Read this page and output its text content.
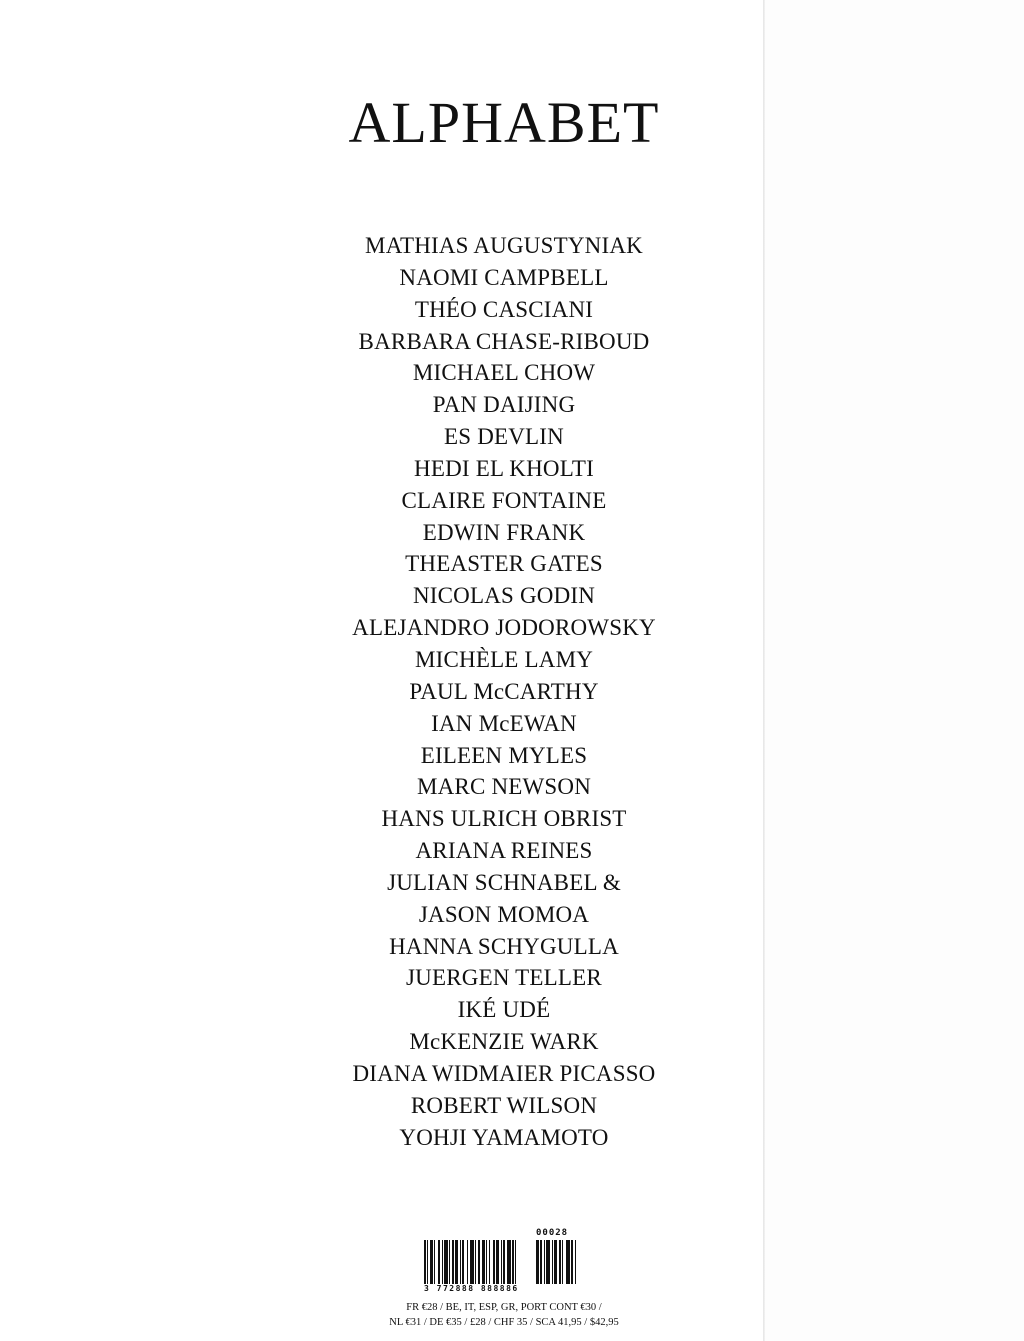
ALPHABET
MATHIAS AUGUSTYNIAK
NAOMI CAMPBELL
THÉO CASCIANI
BARBARA CHASE-RIBOUD
MICHAEL CHOW
PAN DAIJING
ES DEVLIN
HEDI EL KHOLTI
CLAIRE FONTAINE
EDWIN FRANK
THEASTER GATES
NICOLAS GODIN
ALEJANDRO JODOROWSKY
MICHÈLE LAMY
PAUL McCARTHY
IAN McEWAN
EILEEN MYLES
MARC NEWSON
HANS ULRICH OBRIST
ARIANA REINES
JULIAN SCHNABEL &
JASON MOMOA
HANNA SCHYGULLA
JUERGEN TELLER
IKÉ UDÉ
McKENZIE WARK
DIANA WIDMAIER PICASSO
ROBERT WILSON
YOHJI YAMAMOTO
00028
3 772888 888886
FR €28 / BE, IT, ESP, GR, PORT CONT €30 /
NL €31 / DE €35 / £28 / CHF 35 / SCA 41,95 / $42,95
